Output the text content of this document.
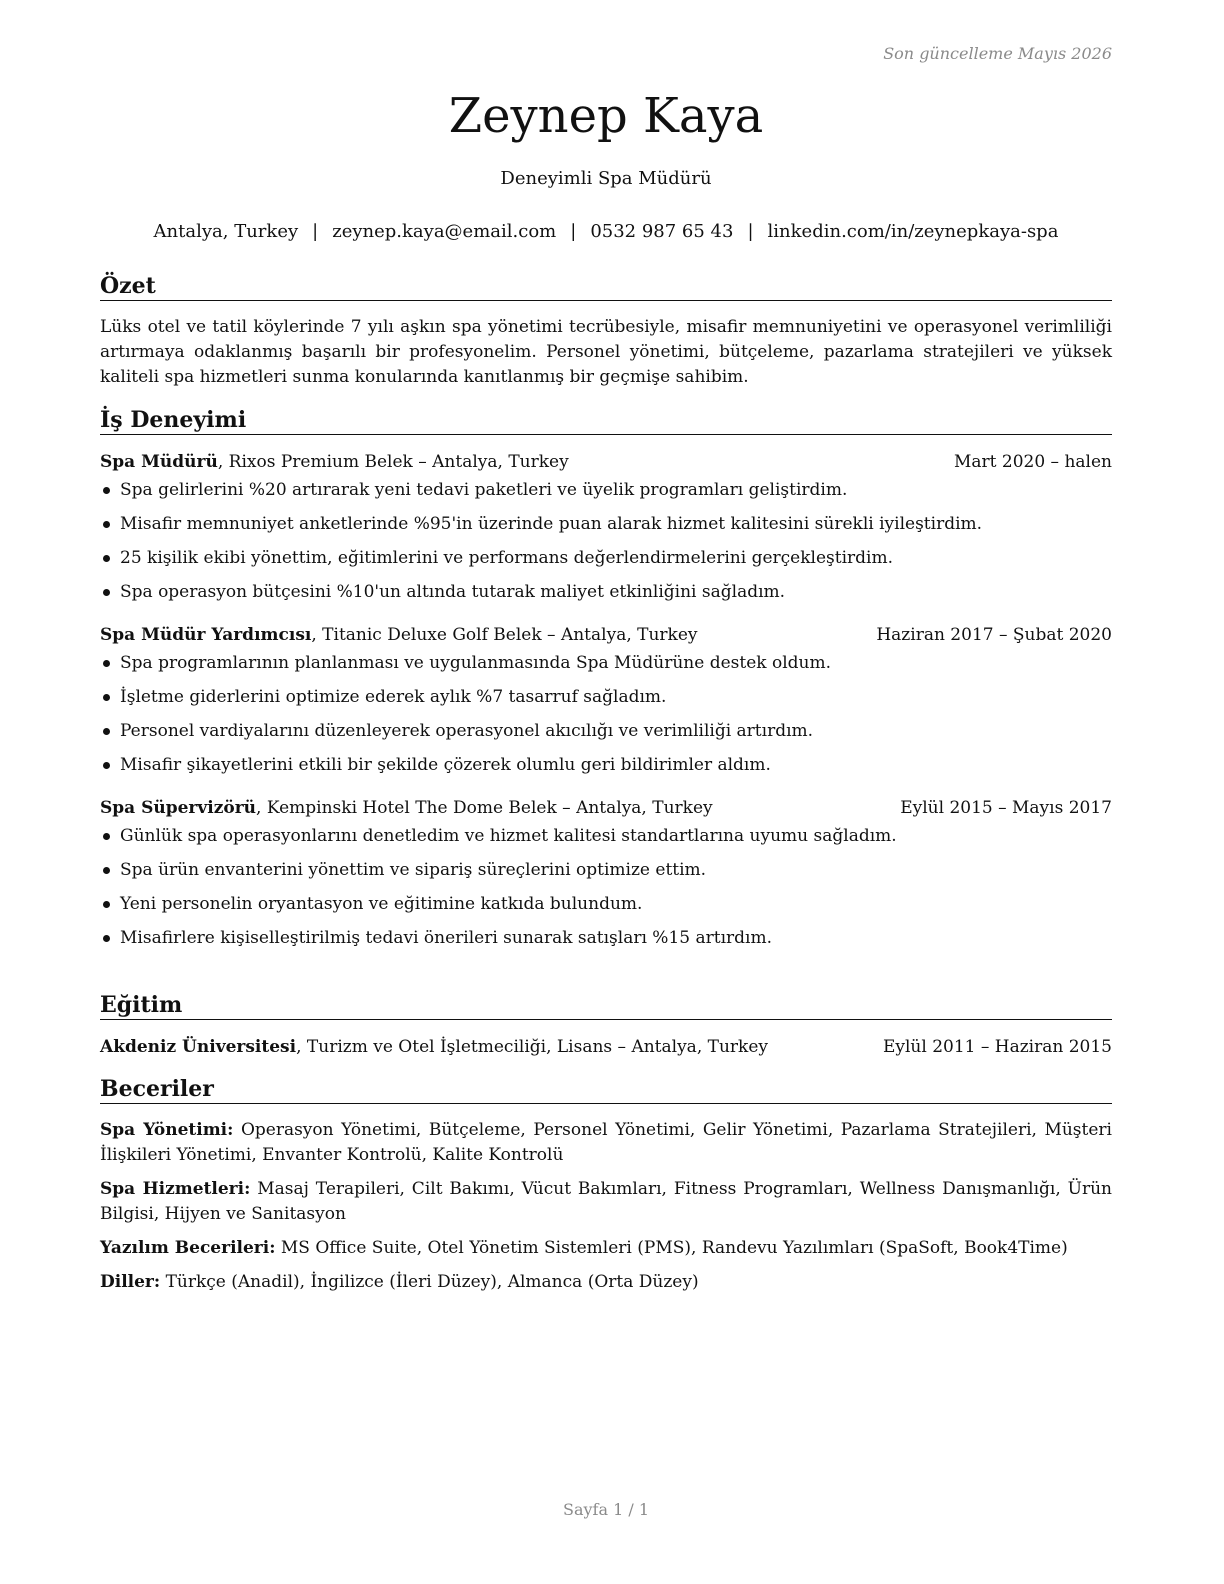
Son güncelleme Mayıs 2026
Zeynep Kaya
Deneyimli Spa Müdürü
Antalya, Turkey | zeynep.kaya@email.com | 0532 987 65 43 | linkedin.com/in/zeynepkaya-spa
Özet

Lüks otel ve tatil köylerinde 7 yılı aşkın spa yönetimi tecrübesiyle, misafir memnuniyetini ve operasyonel verimliliği artırmaya odaklanmış başarılı bir profesyonelim. Personel yönetimi, bütçeleme, pazarlama stratejileri ve yüksek kaliteli spa hizmetleri sunma konularında kanıtlanmış bir geçmişe sahibim.

İş Deneyimi
Spa Müdürü, Rixos Premium Belek – Antalya, Turkey	Mart 2020 – halen
Spa gelirlerini %20 artırarak yeni tedavi paketleri ve üyelik programları geliştirdim.
Misafir memnuniyet anketlerinde %95'in üzerinde puan alarak hizmet kalitesini sürekli iyileştirdim.
25 kişilik ekibi yönettim, eğitimlerini ve performans değerlendirmelerini gerçekleştirdim.
Spa operasyon bütçesini %10'un altında tutarak maliyet etkinliğini sağladım.
Spa Müdür Yardımcısı, Titanic Deluxe Golf Belek – Antalya, Turkey	Haziran 2017 – Şubat 2020
Spa programlarının planlanması ve uygulanmasında Spa Müdürüne destek oldum.
İşletme giderlerini optimize ederek aylık %7 tasarruf sağladım.
Personel vardiyalarını düzenleyerek operasyonel akıcılığı ve verimliliği artırdım.
Misafir şikayetlerini etkili bir şekilde çözerek olumlu geri bildirimler aldım.
Spa Süpervizörü, Kempinski Hotel The Dome Belek – Antalya, Turkey	Eylül 2015 – Mayıs 2017
Günlük spa operasyonlarını denetledim ve hizmet kalitesi standartlarına uyumu sağladım.
Spa ürün envanterini yönettim ve sipariş süreçlerini optimize ettim.
Yeni personelin oryantasyon ve eğitimine katkıda bulundum.
Misafirlere kişiselleştirilmiş tedavi önerileri sunarak satışları %15 artırdım.
Eğitim
Akdeniz Üniversitesi, Turizm ve Otel İşletmeciliği, Lisans – Antalya, Turkey	Eylül 2011 – Haziran 2015
Beceriler

Spa Yönetimi: Operasyon Yönetimi, Bütçeleme, Personel Yönetimi, Gelir Yönetimi, Pazarlama Stratejileri, Müşteri İlişkileri Yönetimi, Envanter Kontrolü, Kalite Kontrolü

Spa Hizmetleri: Masaj Terapileri, Cilt Bakımı, Vücut Bakımları, Fitness Programları, Wellness Danışmanlığı, Ürün Bilgisi, Hijyen ve Sanitasyon

Yazılım Becerileri: MS Office Suite, Otel Yönetim Sistemleri (PMS), Randevu Yazılımları (SpaSoft, Book4Time)

Diller: Türkçe (Anadil), İngilizce (İleri Düzey), Almanca (Orta Düzey)

Sayfa 1 / 1
